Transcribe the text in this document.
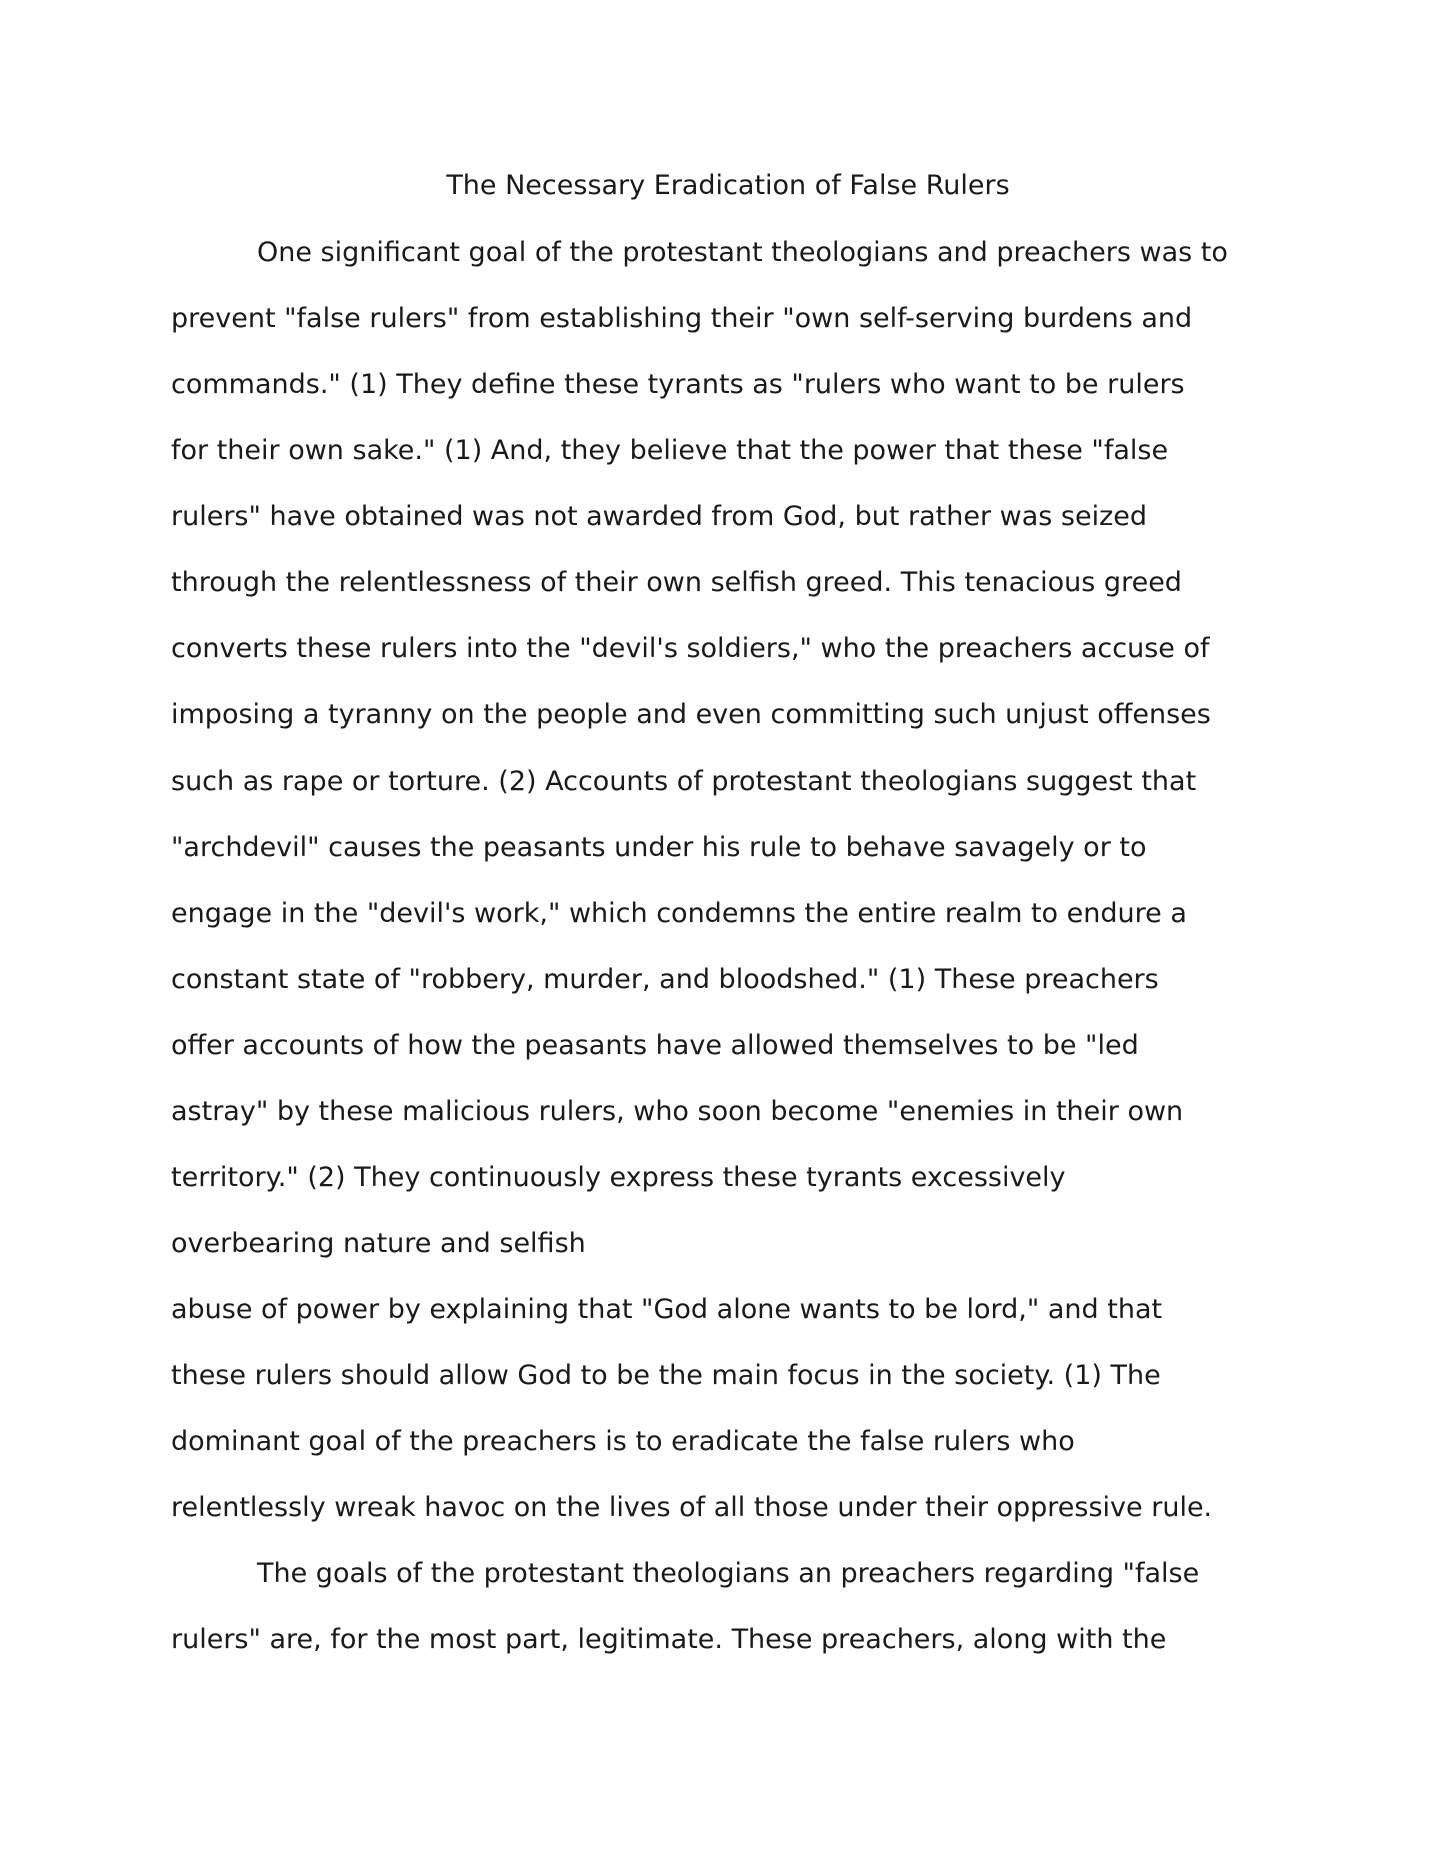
The Necessary Eradication of False Rulers
One significant goal of the protestant theologians and preachers was to
prevent "false rulers" from establishing their "own self-serving burdens and
commands." (1) They define these tyrants as "rulers who want to be rulers
for their own sake." (1) And, they believe that the power that these "false
rulers" have obtained was not awarded from God, but rather was seized
through the relentlessness of their own selfish greed. This tenacious greed
converts these rulers into the "devil's soldiers," who the preachers accuse of
imposing a tyranny on the people and even committing such unjust offenses
such as rape or torture. (2) Accounts of protestant theologians suggest that
"archdevil" causes the peasants under his rule to behave savagely or to
engage in the "devil's work," which condemns the entire realm to endure a
constant state of "robbery, murder, and bloodshed." (1) These preachers
offer accounts of how the peasants have allowed themselves to be "led
astray" by these malicious rulers, who soon become "enemies in their own
territory." (2) They continuously express these tyrants excessively
overbearing nature and selfish
abuse of power by explaining that "God alone wants to be lord," and that
these rulers should allow God to be the main focus in the society. (1) The
dominant goal of the preachers is to eradicate the false rulers who
relentlessly wreak havoc on the lives of all those under their oppressive rule.
The goals of the protestant theologians an preachers regarding "false
rulers" are, for the most part, legitimate. These preachers, along with the
